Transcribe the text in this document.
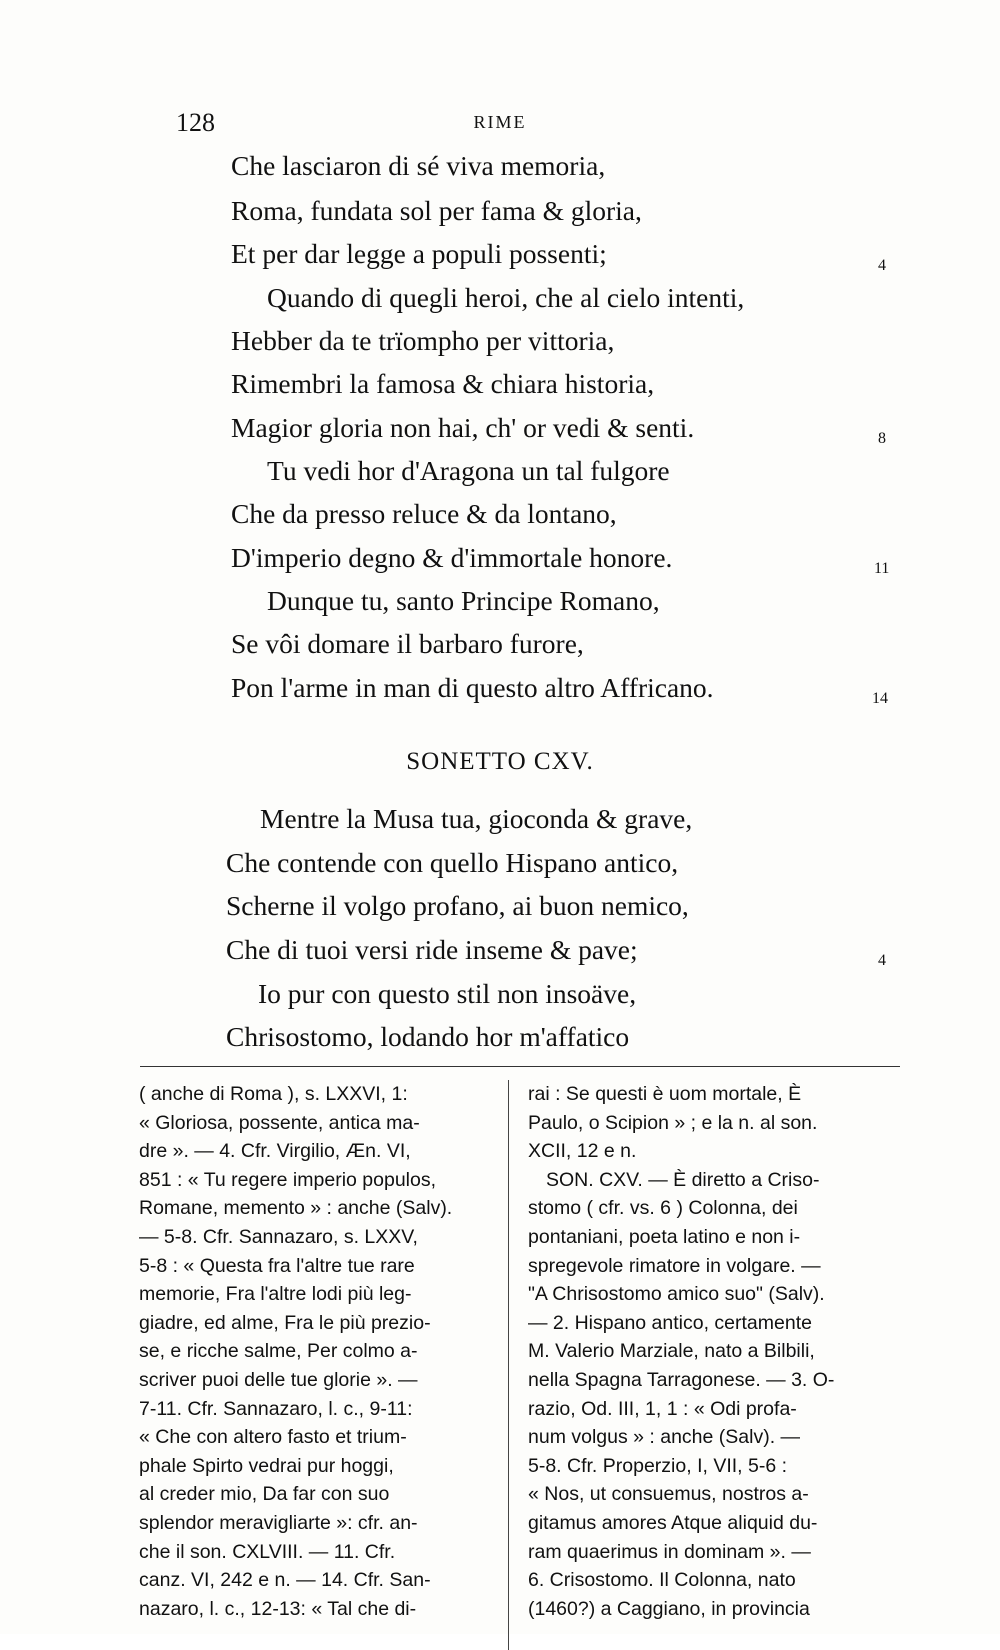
128	RIME
Che lasciaron di sé viva memoria,
Roma, fundata sol per fama & gloria,
Et per dar legge a populi possenti;
Quando di quegli heroi, che al cielo intenti,
Hebber da te trïompho per vittoria,
Rimembri la famosa & chiara historia,
Magior gloria non hai, ch' or vedi & senti.
Tu vedi hor d'Aragona un tal fulgore
Che da presso reluce & da lontano,
D'imperio degno & d'immortale honore.
Dunque tu, santo Principe Romano,
Se vôi domare il barbaro furore,
Pon l'arme in man di questo altro Affricano.
4
8
11
14
SONETTO CXV.
Mentre la Musa tua, gioconda & grave,
Che contende con quello Hispano antico,
Scherne il volgo profano, ai buon nemico,
Che di tuoi versi ride inseme & pave;
Io pur con questo stil non insoäve,
Chrisostomo, lodando hor m'affatico
4
( anche di Roma ), s. LXXVI, 1:
« Gloriosa, possente, antica ma-
dre ». — 4. Cfr. Virgilio, Æn. VI,
851 : « Tu regere imperio populos,
Romane, memento » : anche (Salv).
— 5-8. Cfr. Sannazaro, s. LXXV,
5-8 : « Questa fra l'altre tue rare
memorie, Fra l'altre lodi più leg-
giadre, ed alme, Fra le più prezio-
se, e ricche salme, Per colmo a-
scriver puoi delle tue glorie ». —
7-11. Cfr. Sannazaro, l. c., 9-11:
« Che con altero fasto et trium-
phale Spirto vedrai pur hoggi,
al creder mio, Da far con suo
splendor meravigliarte »: cfr. an-
che il son. CXLVIII. — 11. Cfr.
canz. VI, 242 e n. — 14. Cfr. San-
nazaro, l. c., 12-13: « Tal che di-
rai : Se questi è uom mortale, È
Paulo, o Scipion » ; e la n. al son.
XCII, 12 e n.
SON. CXV. — È diretto a Criso-
stomo ( cfr. vs. 6 ) Colonna, dei
pontaniani, poeta latino e non i-
spregevole rimatore in volgare. —
"A Chrisostomo amico suo" (Salv).
— 2. Hispano antico, certamente
M. Valerio Marziale, nato a Bilbili,
nella Spagna Tarragonese. — 3. O-
razio, Od. III, 1, 1 : « Odi profa-
num volgus » : anche (Salv). —
5-8. Cfr. Properzio, I, VII, 5-6 :
« Nos, ut consuemus, nostros a-
gitamus amores Atque aliquid du-
ram quaerimus in dominam ». —
6. Crisostomo. Il Colonna, nato
(1460?) a Caggiano, in provincia
